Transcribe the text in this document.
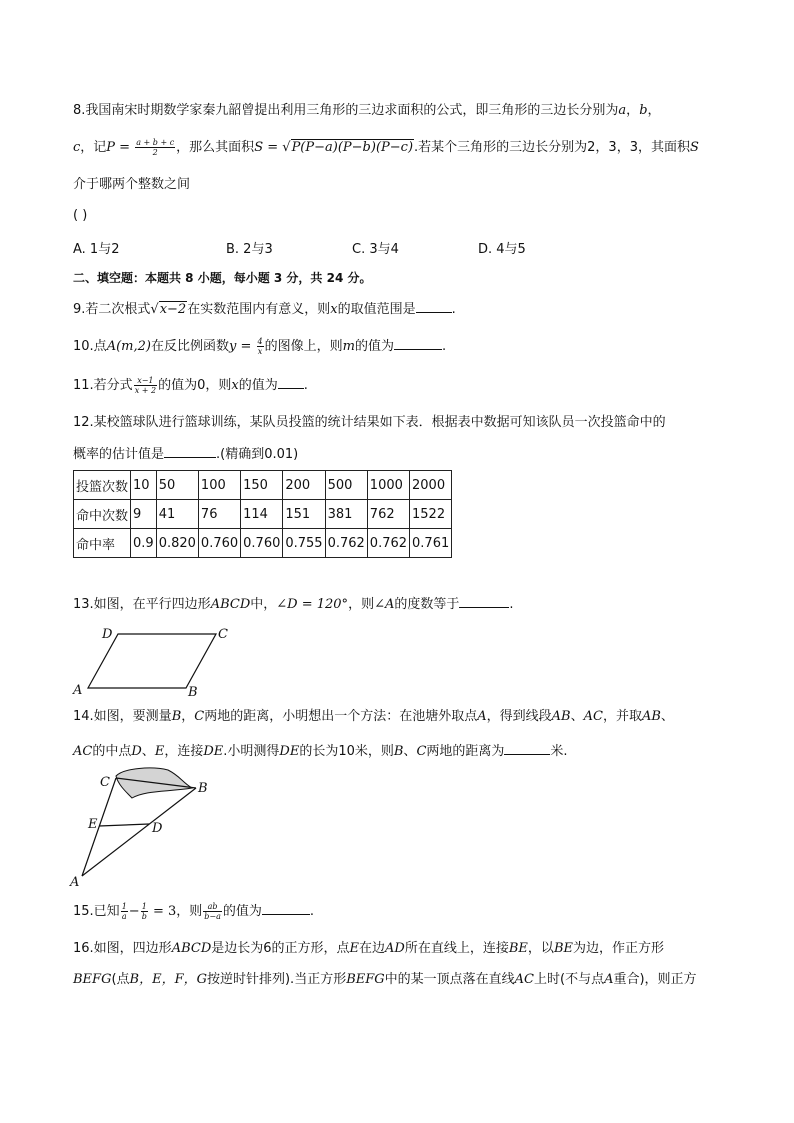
8.我国南宋时期数学家秦九韶曾提出利用三角形的三边求面积的公式，即三角形的三边长分别为a，b，
c，记$P = \frac{a + b + c}{2}$ ，那么其面积S = √P(P−a)(P−b)(P−c).若某个三角形的三边长分别为2，3，3，其面积S
介于哪两个整数之间
( )
A. 1与2	B. 2与3	C. 3与4	D. 4与5
二、填空题：本题共 8 小题，每小题 3 分，共 24 分。
9.若二次根式√x−2在实数范围内有意义，则x的取值范围是	.
10.点A(m,2)在反比例函数$y = \frac{4}{x}$ 的图像上，则m的值为	.
11.若分式 $\frac{x-1}{x + 2}$ 的值为0，则x的值为 .
12.某校篮球队进行篮球训练，某队员投篮的统计结果如下表．根据表中数据可知该队员一次投篮命中的
概率的估计值是	.(精确到0.01)
投篮次数	10	50	100	150	200	500	1000	2000
命中次数	9	41	76	114	151	381	762	1522
命中率	0.9	0.820	0.760	0.760	0.755	0.762	0.762	0.761
13.如图，在平行四边形ABCD中，∠D = 120°，则∠A的度数等于	.
A	B
C
D
14.如图，要测量B，C两地的距离，小明想出一个方法：在池塘外取点A，得到线段AB、AC，并取AB、
AC的中点D、E，连接DE.小明测得DE的长为10米，则B、C两地的距离为	米.
C	B
E	D
A
15.已知 $\frac{1}{a} - \frac{1}{b} = 3$，则 $\frac{ab}{b-a}$ 的值为	.
16.如图，四边形ABCD是边长为6的正方形，点E在边AD所在直线上，连接BE，以BE为边，作正方形
BEFG(点B，E，F，G按逆时针排列).当正方形BEFG中的某一顶点落在直线AC上时(不与点A重合)，则正方
